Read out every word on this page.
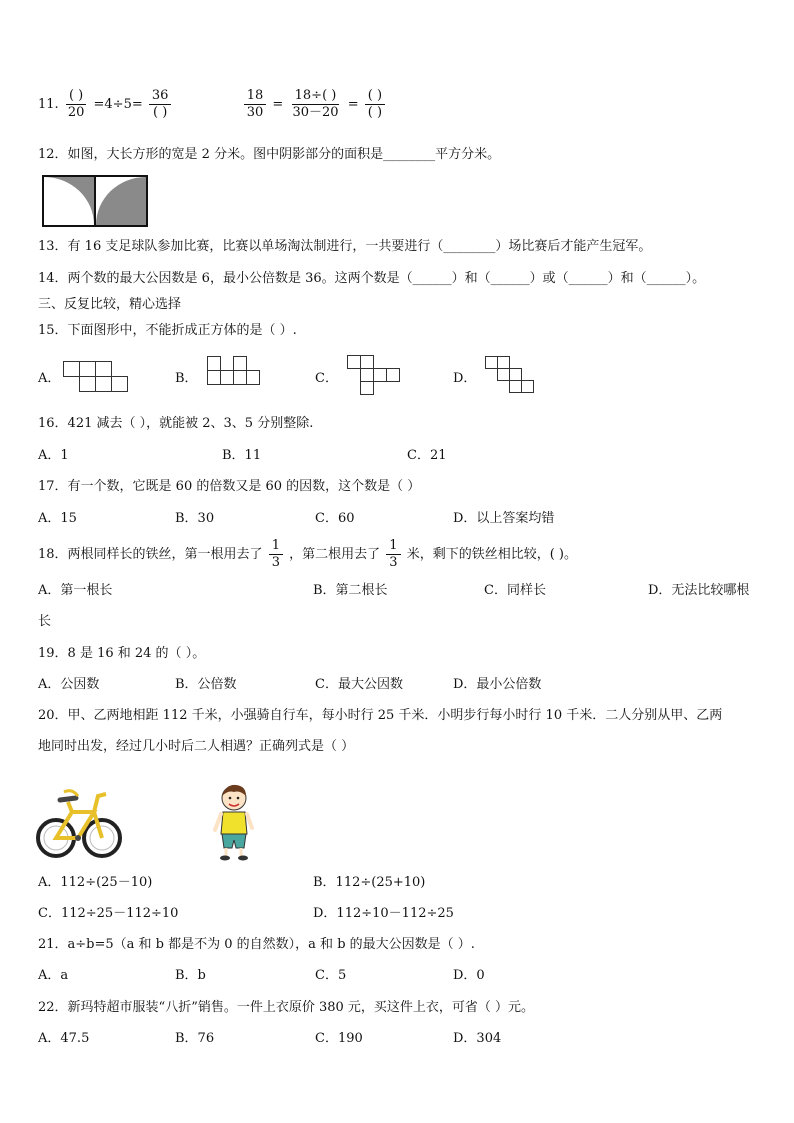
11. $\frac{( )}{20} =4\div 5= \frac{36}{( )}$
	$\frac{18}{30} = \frac{18\div( )}{30-20} = \frac{( )}{( )}$
12．如图，大长方形的宽是 2 分米。图中阴影部分的面积是________平方分米。
13．有 16 支足球队参加比赛，比赛以单场淘汰制进行，一共要进行（________）场比赛后才能产生冠军。
14．两个数的最大公因数是 6，最小公倍数是 36。这两个数是（______）和（______）或（______）和（______）。
三、反复比较，精心选择
15．下面图形中，不能折成正方体的是（ ）.
A．	B．	C．	D．
16．421 减去（ ），就能被 2、3、5 分别整除.
A．1	B．11	C．21
17．有一个数，它既是 60 的倍数又是 60 的因数，这个数是（ ）
A．15	B．30	C．60	D．以上答案均错
18．两根同样长的铁丝，第一根用去了 $\frac{1}{3}$ ，第二根用去了 $\frac{1}{3}$ 米，剩下的铁丝相比较，( )。
A．第一根长	B．第二根长	C．同样长	D．无法比较哪根
长
19．8 是 16 和 24 的（ ）。
A．公因数	B．公倍数	C．最大公因数	D．最小公倍数
20．甲、乙两地相距 112 千米，小强骑自行车，每小时行 25 千米．小明步行每小时行 10 千米．二人分别从甲、乙两
地同时出发，经过几小时后二人相遇？正确列式是（ ）
A．112÷(25－10)	B．112÷(25+10)
C．112÷25－112÷10	D．112÷10－112÷25
21．a÷b=5（a 和 b 都是不为 0 的自然数），a 和 b 的最大公因数是（ ）.
A．a	B．b	C．5	D．0
22．新玛特超市服装“八折”销售。一件上衣原价 380 元，买这件上衣，可省（ ）元。
A．47.5	B．76	C．190	D．304
